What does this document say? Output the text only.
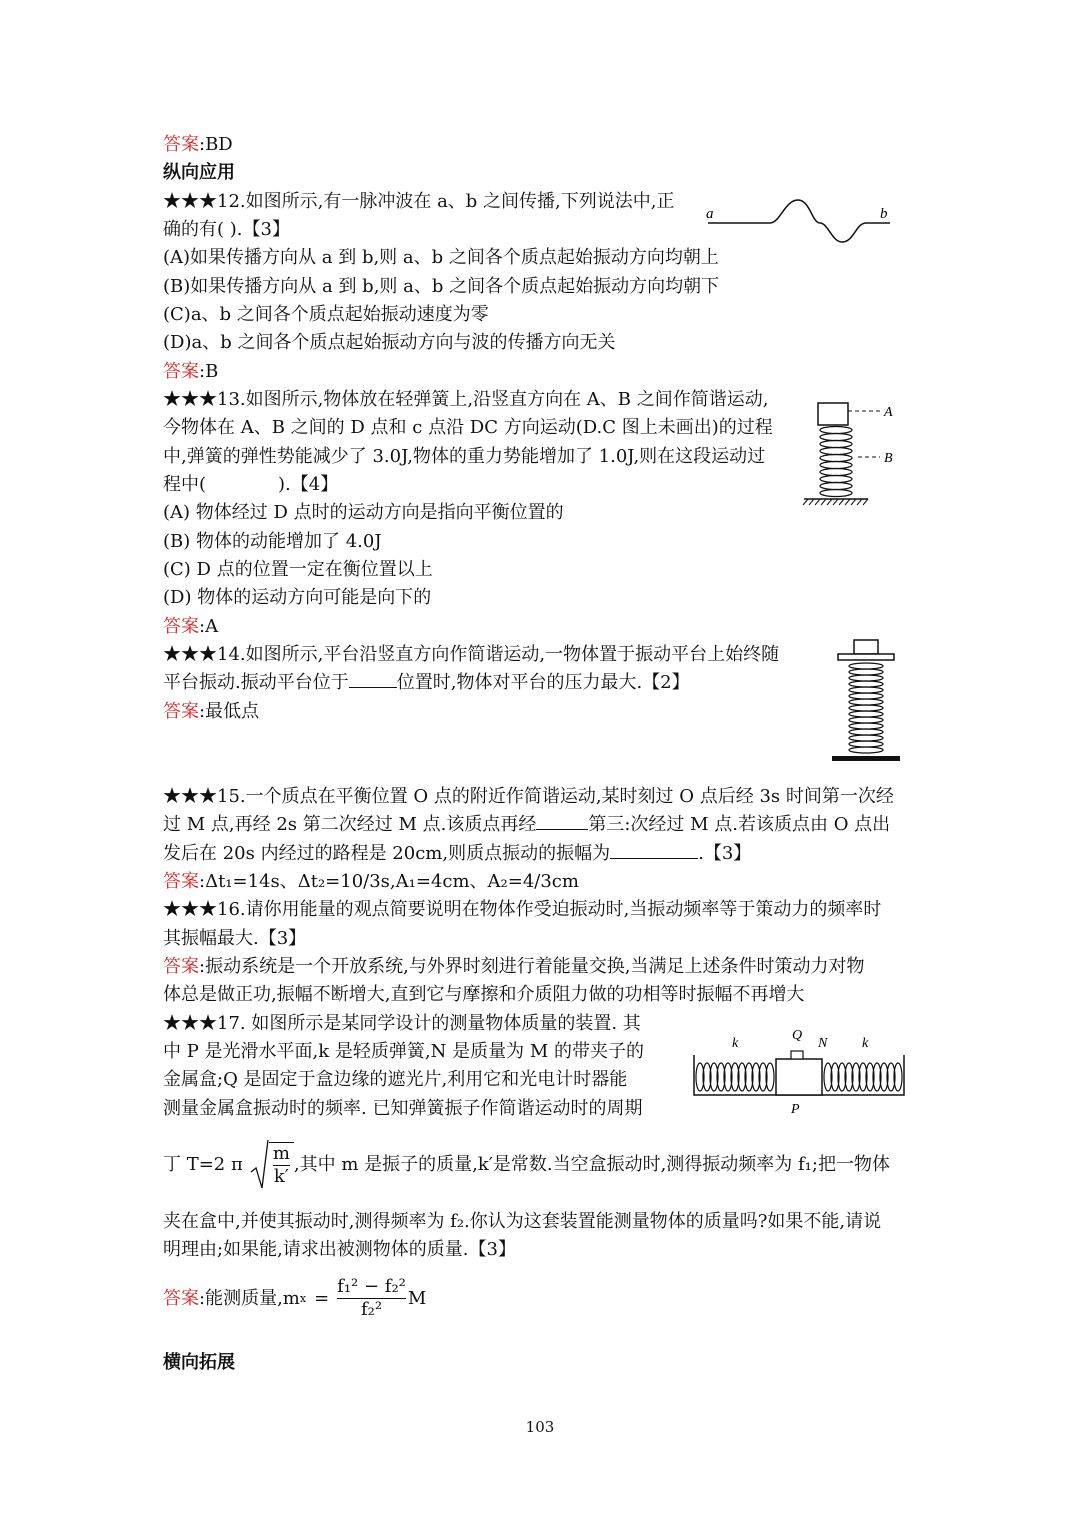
答案:BD
纵向应用
★★★12.如图所示,有一脉冲波在 a、b 之间传播,下列说法中,正
确的有( ).【3】
(A)如果传播方向从 a 到 b,则 a、b 之间各个质点起始振动方向均朝上
(B)如果传播方向从 a 到 b,则 a、b 之间各个质点起始振动方向均朝下
(C)a、b 之间各个质点起始振动速度为零
(D)a、b 之间各个质点起始振动方向与波的传播方向无关
答案:B
a	b
★★★13.如图所示,物体放在轻弹簧上,沿竖直方向在 A、B 之间作简谐运动,
今物体在 A、B 之间的 D 点和 c 点沿 DC 方向运动(D.C 图上未画出)的过程
中,弹簧的弹性势能减少了 3.0J,物体的重力势能增加了 1.0J,则在这段运动过
程中(	).【4】
(A) 物体经过 D 点时的运动方向是指向平衡位置的
(B) 物体的动能增加了 4.0J
(C) D 点的位置一定在衡位置以上
(D) 物体的运动方向可能是向下的
答案:A
A
B
★★★14.如图所示,平台沿竖直方向作简谐运动,一物体置于振动平台上始终随
平台振动.振动平台位于	位置时,物体对平台的压力最大.【2】
答案:最低点
★★★15.一个质点在平衡位置 O 点的附近作简谐运动,某时刻过 O 点后经 3s 时间第一次经
过 M 点,再经 2s 第二次经过 M 点.该质点再经	第三:次经过 M 点.若该质点由 O 点出
发后在 20s 内经过的路程是 20cm,则质点振动的振幅为	.【3】
答案:Δt₁=14s、Δt₂=10/3s,A₁=4cm、A₂=4/3cm
★★★16.请你用能量的观点简要说明在物体作受迫振动时,当振动频率等于策动力的频率时
其振幅最大.【3】
答案:振动系统是一个开放系统,与外界时刻进行着能量交换,当满足上述条件时策动力对物
体总是做正功,振幅不断增大,直到它与摩擦和介质阻力做的功相等时振幅不再增大
★★★17. 如图所示是某同学设计的测量物体质量的装置. 其
中 P 是光滑水平面,k 是轻质弹簧,N 是质量为 M 的带夹子的
金属盒;Q 是固定于盒边缘的遮光片,利用它和光电计时器能
测量金属盒振动时的频率. 已知弹簧振子作简谐运动时的周期
k
Q
N k
P
丁 T=2 π $\frac{m}{k'}$ ,其中 m 是振子的质量,k′是常数.当空盒振动时,测得振动频率为 f₁;把一物体
夹在盒中,并使其振动时,测得频率为 f₂.你认为这套装置能测量物体的质量吗?如果不能,请说
明理由;如果能,请求出被测物体的质量.【3】
答案 :能测质量,m $x = \frac{\text{f₁² − f₂²}}{\text{f₂²}}$ M
横向拓展
103
